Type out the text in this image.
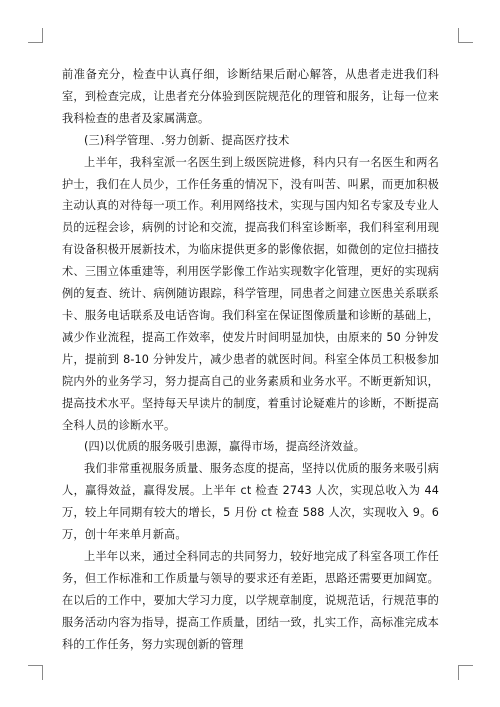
前准备充分，检查中认真仔细，诊断结果后耐心解答，从患者走进我们科室，到检查完成，让患者充分体验到医院规范化的理管和服务，让每一位来我科检查的患者及家属满意。

(三)科学管理、.努力创新、提高医疗技术

上半年，我科室派一名医生到上级医院进修，科内只有一名医生和两名护士，我们在人员少，工作任务重的情况下，没有叫苦、叫累，而更加积极主动认真的对待每一项工作。利用网络技术，实现与国内知名专家及专业人员的远程会诊，病例的讨论和交流，提高我们科室诊断率，我们科室利用现有设备积极开展新技术，为临床提供更多的影像依据，如微创的定位扫描技术、三围立体重建等，利用医学影像工作站实现数字化管理，更好的实现病例的复查、统计、病例随访跟踪，科学管理，同患者之间建立医患关系联系卡、服务电话联系及电话咨询。我们科室在保证图像质量和诊断的基础上，减少作业流程，提高工作效率，使发片时间明显加快，由原来的 50 分钟发片，提前到 8-10 分钟发片，减少患者的就医时间。科室全体员工积极参加院内外的业务学习，努力提高自己的业务素质和业务水平。不断更新知识，提高技术水平。坚持每天早读片的制度，着重讨论疑难片的诊断，不断提高全科人员的诊断水平。

(四)以优质的服务吸引患源，赢得市场，提高经济效益。

我们非常重视服务质量、服务态度的提高，坚持以优质的服务来吸引病人，赢得效益，赢得发展。上半年 ct 检查 2743 人次，实现总收入为 44 万，较上年同期有较大的增长，5 月份 ct 检查 588 人次，实现收入 9。6 万，创十年来单月新高。

上半年以来，通过全科同志的共同努力，较好地完成了科室各项工作任务，但工作标准和工作质量与领导的要求还有差距，思路还需要更加阔宽。在以后的工作中，要加大学习力度，以学规章制度，说规范话，行规范事的服务活动内容为指导，提高工作质量，团结一致，扎实工作，高标准完成本科的工作任务，努力实现创新的管理
